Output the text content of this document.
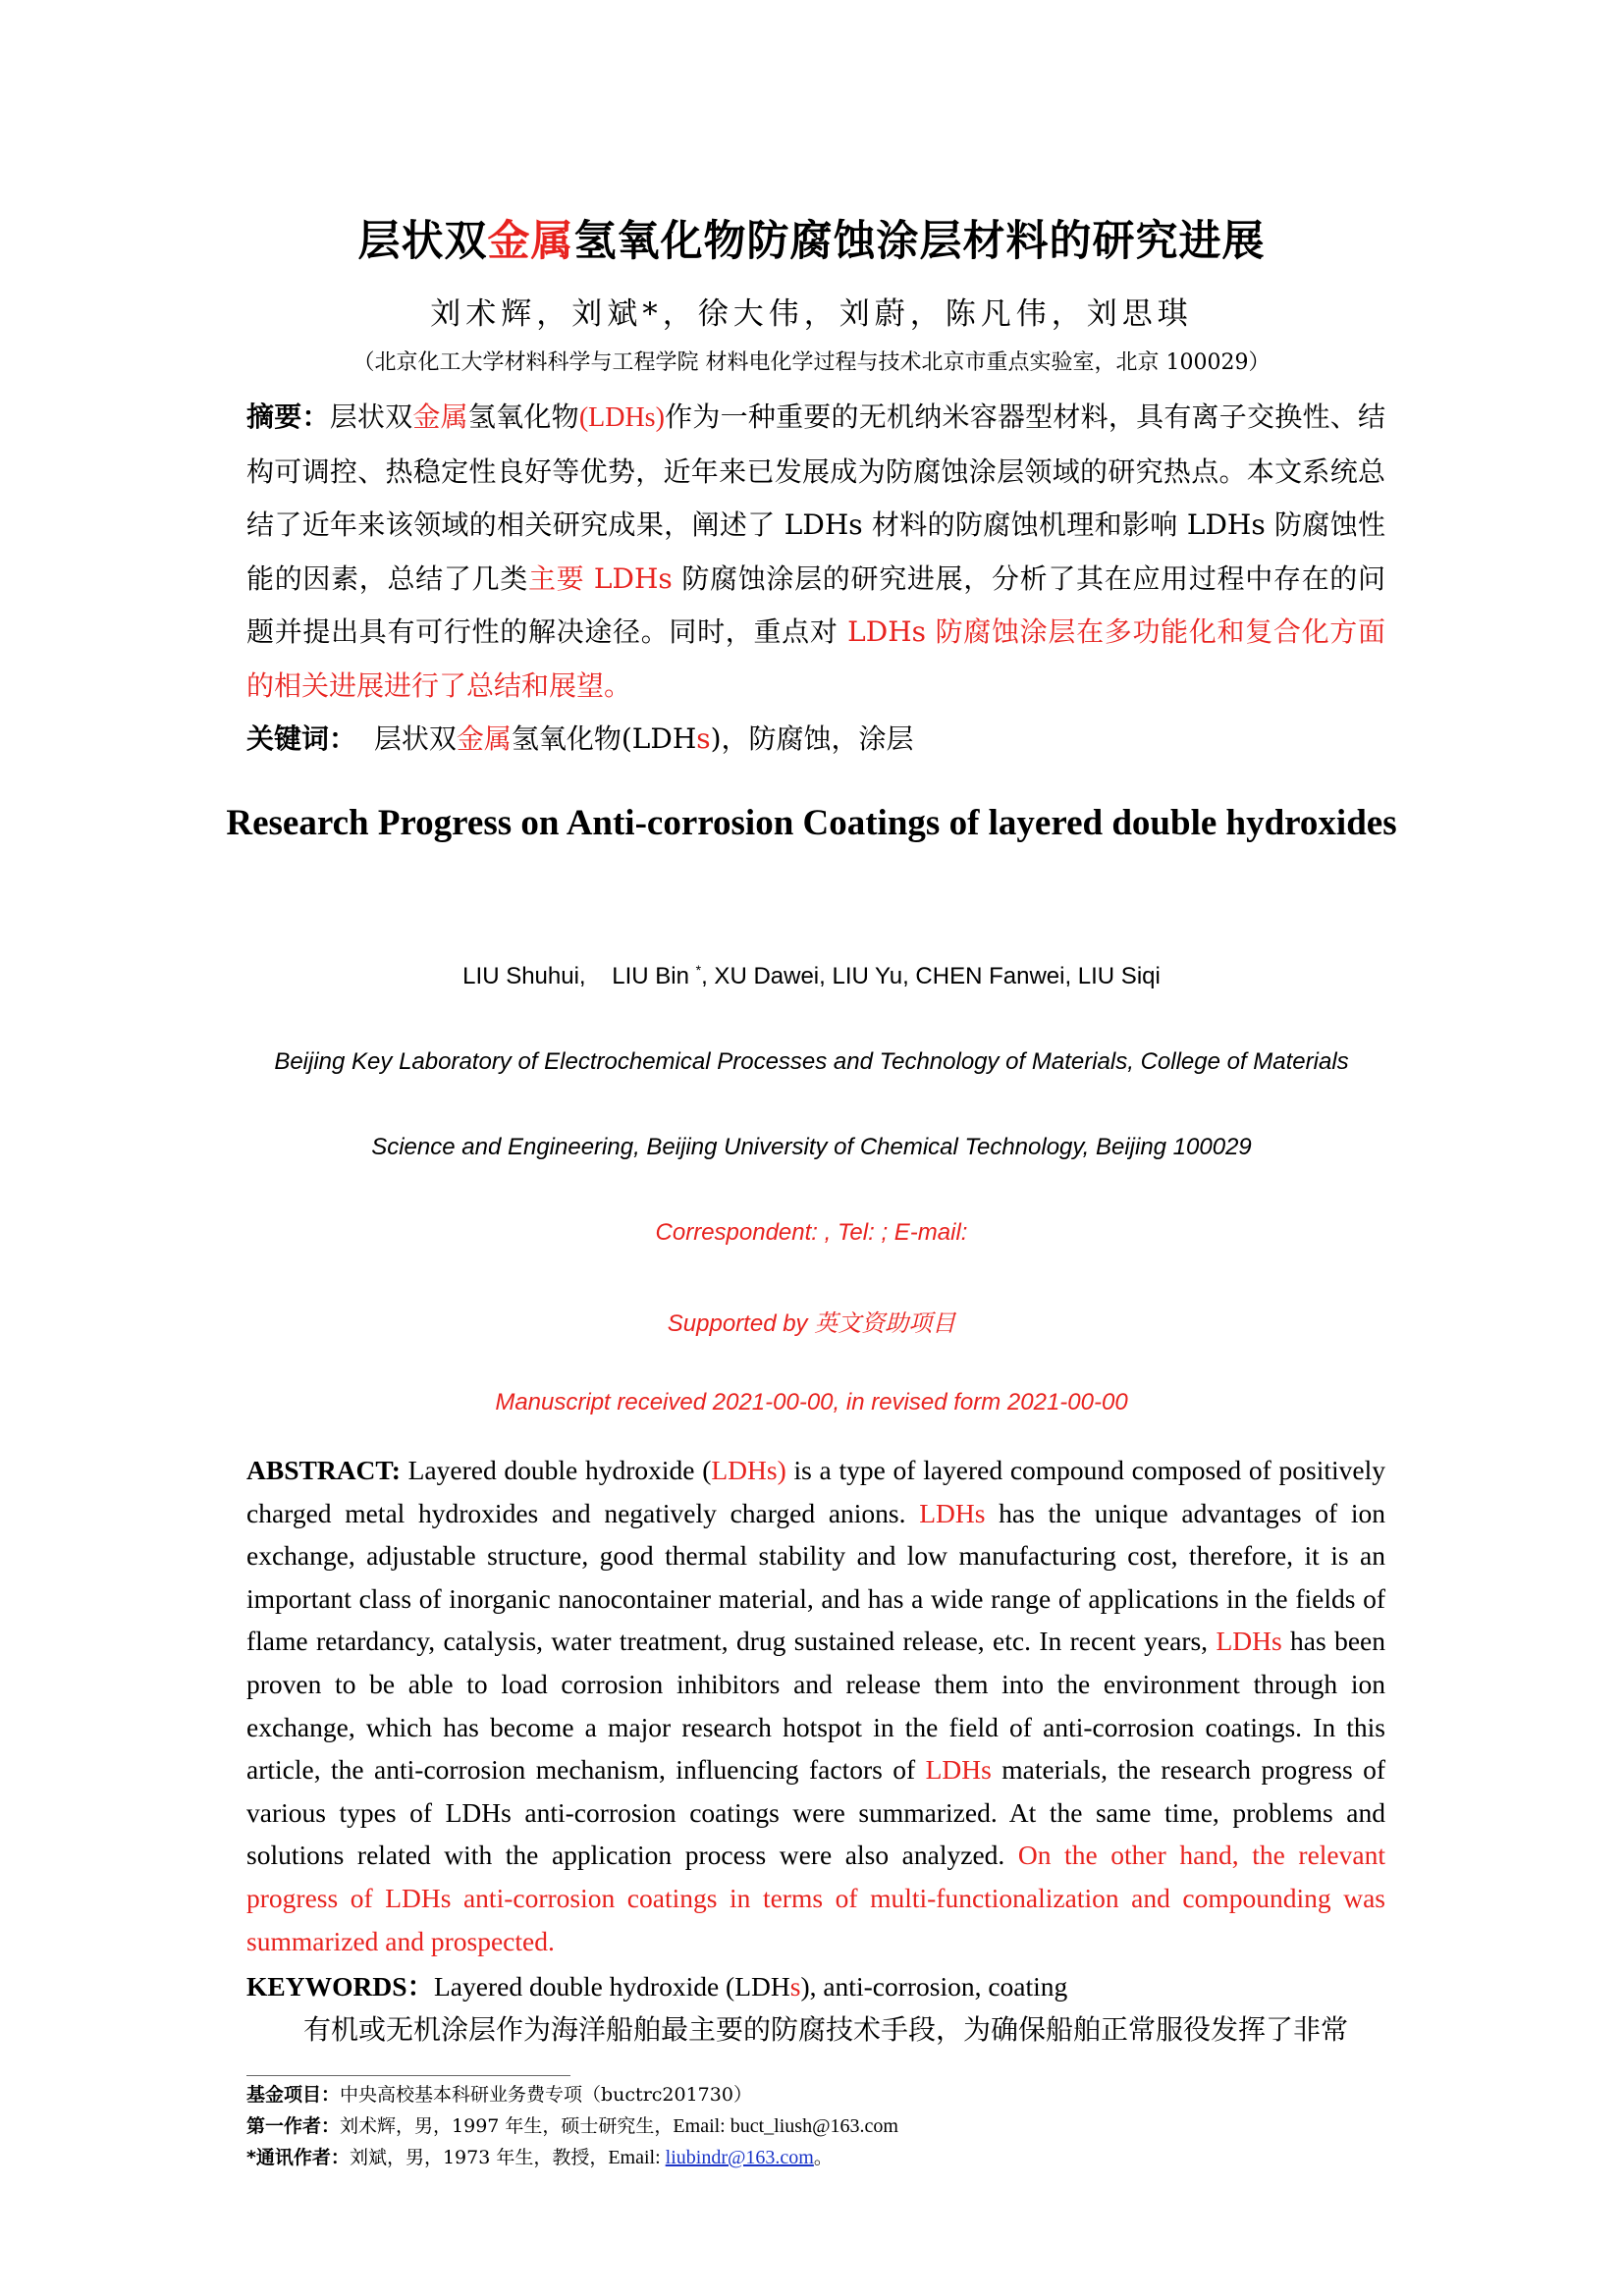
层状双金属氢氧化物防腐蚀涂层材料的研究进展
刘术辉，刘斌*，徐大伟，刘蔚，陈凡伟，刘思琪
（北京化工大学材料科学与工程学院 材料电化学过程与技术北京市重点实验室，北京 100029）
摘要：层状双金属氢氧化物(LDHs)作为一种重要的无机纳米容器型材料，具有离子交换性、结构可调控、热稳定性良好等优势，近年来已发展成为防腐蚀涂层领域的研究热点。本文系统总结了近年来该领域的相关研究成果，阐述了 LDHs 材料的防腐蚀机理和影响 LDHs 防腐蚀性能的因素，总结了几类主要 LDHs 防腐蚀涂层的研究进展，分析了其在应用过程中存在的问题并提出具有可行性的解决途径。同时，重点对 LDHs 防腐蚀涂层在多功能化和复合化方面的相关进展进行了总结和展望。
关键词： 层状双金属氢氧化物(LDHs)，防腐蚀，涂层
Research Progress on Anti-corrosion Coatings of layered double hydroxides
LIU Shuhui,    LIU Bin *, XU Dawei, LIU Yu, CHEN Fanwei, LIU Siqi
Beijing Key Laboratory of Electrochemical Processes and Technology of Materials, College of Materials
Science and Engineering, Beijing University of Chemical Technology, Beijing 100029
Correspondent: , Tel: ; E-mail:
Supported by 英文资助项目
Manuscript received 2021-00-00, in revised form 2021-00-00
ABSTRACT: Layered double hydroxide (LDHs) is a type of layered compound composed of positively charged metal hydroxides and negatively charged anions. LDHs has the unique advantages of ion exchange, adjustable structure, good thermal stability and low manufacturing cost, therefore, it is an important class of inorganic nanocontainer material, and has a wide range of applications in the fields of flame retardancy, catalysis, water treatment, drug sustained release, etc. In recent years, LDHs has been proven to be able to load corrosion inhibitors and release them into the environment through ion exchange, which has become a major research hotspot in the field of anti-corrosion coatings. In this article, the anti-corrosion mechanism, influencing factors of LDHs materials, the research progress of various types of LDHs anti-corrosion coatings were summarized. At the same time, problems and solutions related with the application process were also analyzed. On the other hand, the relevant progress of LDHs anti-corrosion coatings in terms of multi-functionalization and compounding was summarized and prospected.
KEYWORDS：Layered double hydroxide (LDHs), anti-corrosion, coating
有机或无机涂层作为海洋船舶最主要的防腐技术手段，为确保船舶正常服役发挥了非常
基金项目：中央高校基本科研业务费专项（buctrc201730）
第一作者：刘术辉，男，1997 年生，硕士研究生，Email: buct_liush@163.com
*通讯作者：刘斌，男，1973 年生，教授，Email: liubindr@163.com。
